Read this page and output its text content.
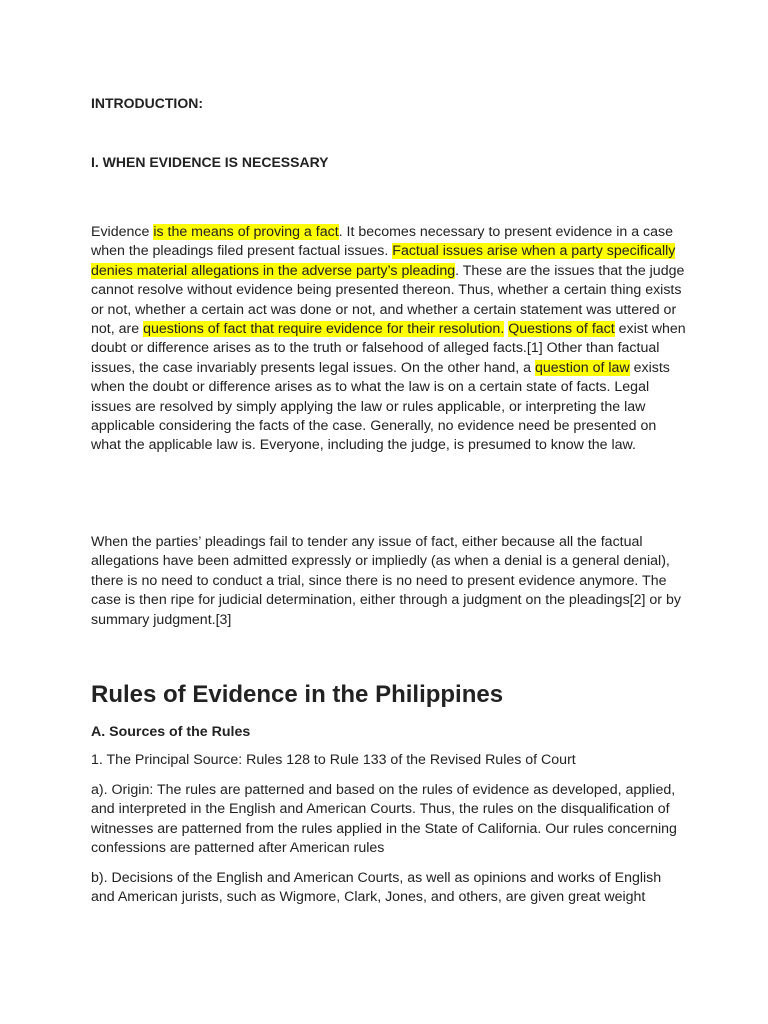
INTRODUCTION:

I. WHEN EVIDENCE IS NECESSARY

Evidence is the means of proving a fact. It becomes necessary to present evidence in a case when the pleadings filed present factual issues. Factual issues arise when a party specifically denies material allegations in the adverse party’s pleading. These are the issues that the judge cannot resolve without evidence being presented thereon. Thus, whether a certain thing exists or not, whether a certain act was done or not, and whether a certain statement was uttered or not, are questions of fact that require evidence for their resolution. Questions of fact exist when doubt or difference arises as to the truth or falsehood of alleged facts.[1] Other than factual issues, the case invariably presents legal issues. On the other hand, a question of law exists when the doubt or difference arises as to what the law is on a certain state of facts. Legal issues are resolved by simply applying the law or rules applicable, or interpreting the law applicable considering the facts of the case. Generally, no evidence need be presented on what the applicable law is. Everyone, including the judge, is presumed to know the law.

When the parties’ pleadings fail to tender any issue of fact, either because all the factual allegations have been admitted expressly or impliedly (as when a denial is a general denial), there is no need to conduct a trial, since there is no need to present evidence anymore. The case is then ripe for judicial determination, either through a judgment on the pleadings[2] or by summary judgment.[3]

Rules of Evidence in the Philippines

A. Sources of the Rules

1. The Principal Source: Rules 128 to Rule 133 of the Revised Rules of Court

a). Origin: The rules are patterned and based on the rules of evidence as developed, applied, and interpreted in the English and American Courts. Thus, the rules on the disqualification of witnesses are patterned from the rules applied in the State of California. Our rules concerning confessions are patterned after American rules

b). Decisions of the English and American Courts, as well as opinions and works of English and American jurists, such as Wigmore, Clark, Jones, and others, are given great weight
